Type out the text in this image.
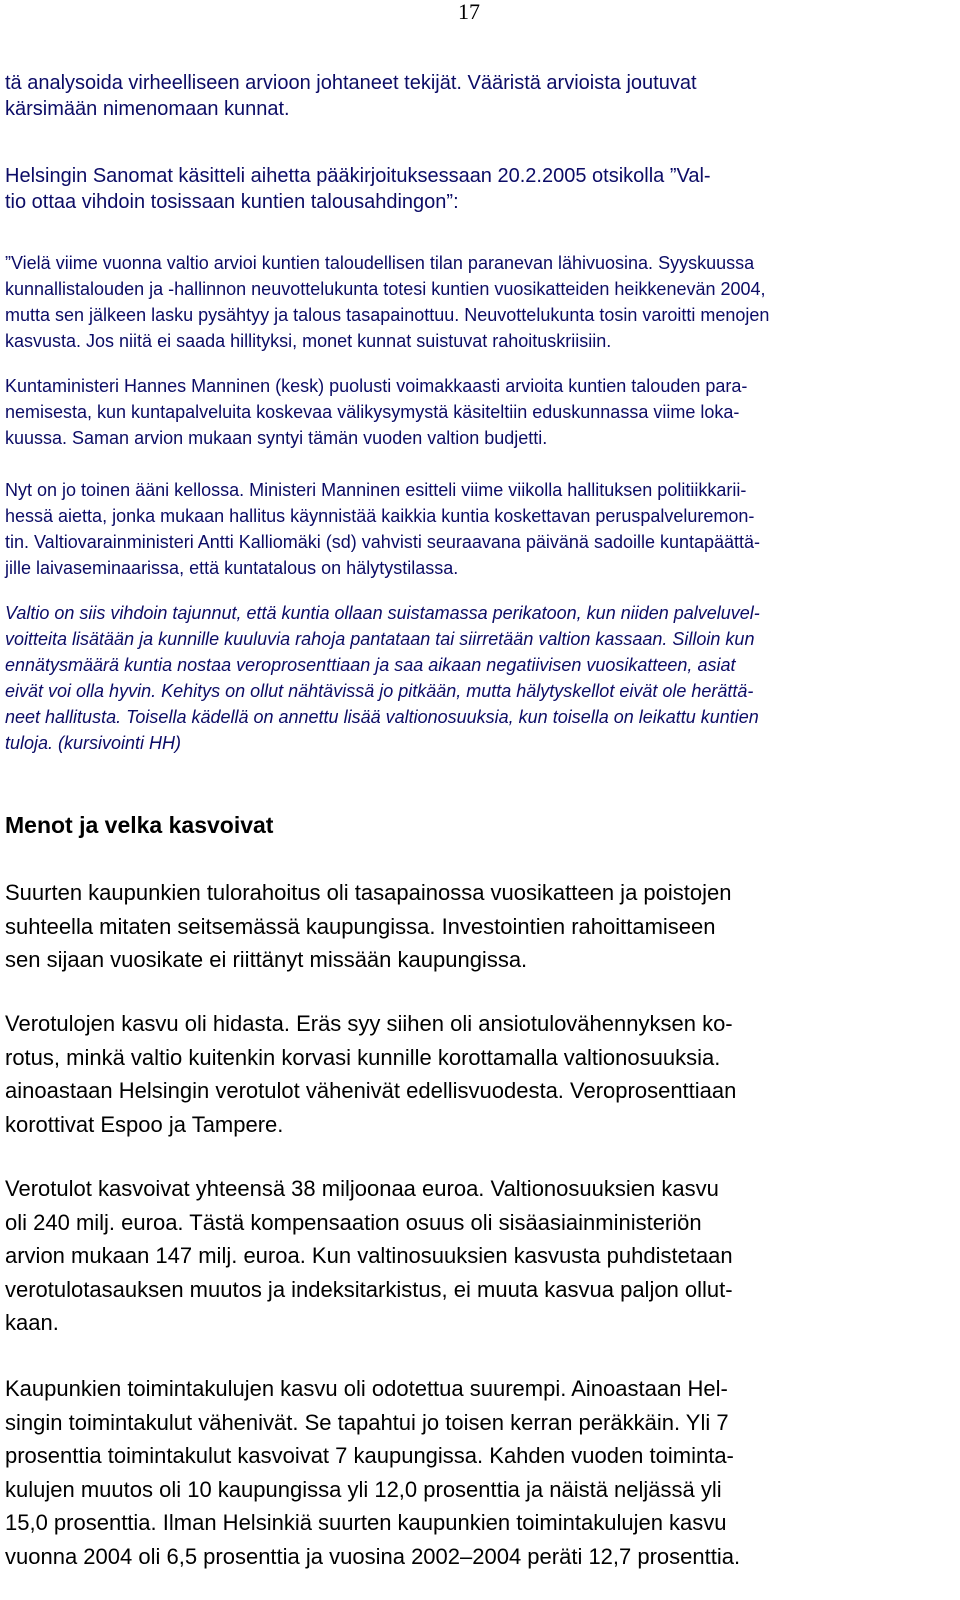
17

tä analysoida virheelliseen arvioon johtaneet tekijät. Vääristä arvioista joutuvat

kärsimään nimenomaan kunnat.

Helsingin Sanomat käsitteli aihetta pääkirjoituksessaan 20.2.2005 otsikolla ”Val-

tio ottaa vihdoin tosissaan kuntien talousahdingon”:

”Vielä viime vuonna valtio arvioi kuntien taloudellisen tilan paranevan lähivuosina. Syyskuussa

kunnallistalouden ja -hallinnon neuvottelukunta totesi kuntien vuosikatteiden heikkenevän 2004,

mutta sen jälkeen lasku pysähtyy ja talous tasapainottuu. Neuvottelukunta tosin varoitti menojen

kasvusta. Jos niitä ei saada hillityksi, monet kunnat suistuvat rahoituskriisiin.

Kuntaministeri Hannes Manninen (kesk) puolusti voimakkaasti arvioita kuntien talouden para-

nemisesta, kun kuntapalveluita koskevaa välikysymystä käsiteltiin eduskunnassa viime loka-

kuussa. Saman arvion mukaan syntyi tämän vuoden valtion budjetti.

Nyt on jo toinen ääni kellossa. Ministeri Manninen esitteli viime viikolla hallituksen politiikkarii-

hessä aietta, jonka mukaan hallitus käynnistää kaikkia kuntia koskettavan peruspalveluremon-

tin. Valtiovarainministeri Antti Kalliomäki (sd) vahvisti seuraavana päivänä sadoille kuntapäättä-

jille laivaseminaarissa, että kuntatalous on hälytystilassa.

Valtio on siis vihdoin tajunnut, että kuntia ollaan suistamassa perikatoon, kun niiden palveluvel-

voitteita lisätään ja kunnille kuuluvia rahoja pantataan tai siirretään valtion kassaan. Silloin kun

ennätysmäärä kuntia nostaa veroprosenttiaan ja saa aikaan negatiivisen vuosikatteen, asiat

eivät voi olla hyvin. Kehitys on ollut nähtävissä jo pitkään, mutta hälytyskellot eivät ole herättä-

neet hallitusta. Toisella kädellä on annettu lisää valtionosuuksia, kun toisella on leikattu kuntien

tuloja. (kursivointi HH)

Menot ja velka kasvoivat

Suurten kaupunkien tulorahoitus oli tasapainossa vuosikatteen ja poistojen

suhteella mitaten seitsemässä kaupungissa. Investointien rahoittamiseen

sen sijaan vuosikate ei riittänyt missään kaupungissa.

Verotulojen kasvu oli hidasta. Eräs syy siihen oli ansiotulovähennyksen ko-

rotus, minkä valtio kuitenkin korvasi kunnille korottamalla valtionosuuksia.

ainoastaan Helsingin verotulot vähenivät edellisvuodesta. Veroprosenttiaan

korottivat Espoo ja Tampere.

Verotulot kasvoivat yhteensä 38 miljoonaa euroa. Valtionosuuksien kasvu

oli 240 milj. euroa. Tästä kompensaation osuus oli sisäasiainministeriön

arvion mukaan 147 milj. euroa. Kun valtinosuuksien kasvusta puhdistetaan

verotulotasauksen muutos ja indeksitarkistus, ei muuta kasvua paljon ollut-

kaan.

Kaupunkien toimintakulujen kasvu oli odotettua suurempi. Ainoastaan Hel-

singin toimintakulut vähenivät. Se tapahtui jo toisen kerran peräkkäin. Yli 7

prosenttia toimintakulut kasvoivat 7 kaupungissa. Kahden vuoden toiminta-

kulujen muutos oli 10 kaupungissa yli 12,0 prosenttia ja näistä neljässä yli

15,0 prosenttia. Ilman Helsinkiä suurten kaupunkien toimintakulujen kasvu

vuonna 2004 oli 6,5 prosenttia ja vuosina 2002–2004 peräti 12,7 prosenttia.
